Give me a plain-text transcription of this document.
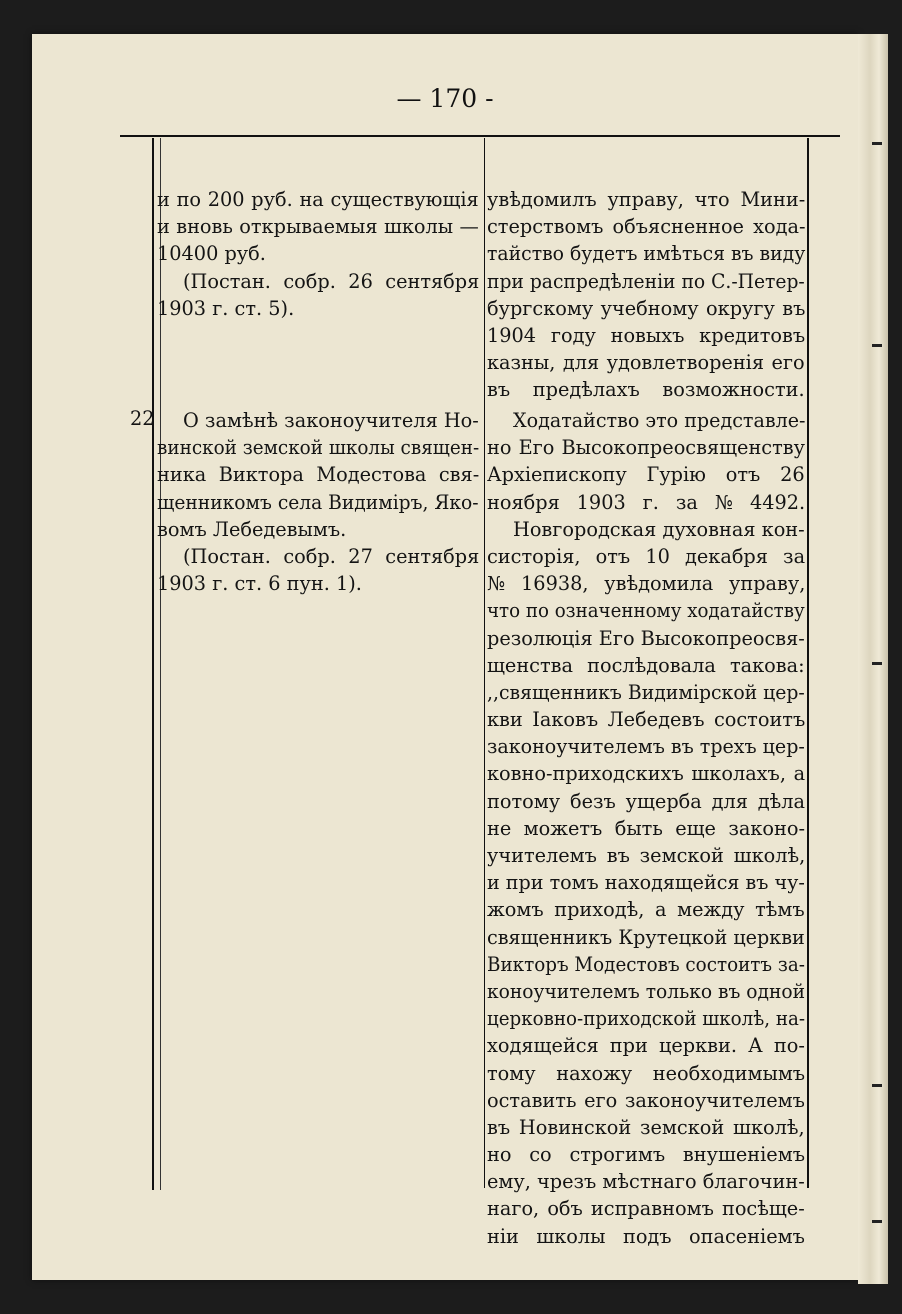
— 170 -
и по 200 руб. на существующія
и вновь открываемыя школы —
10400 руб.
(Постан. собр. 26 сентября
1903 г. ст. 5).
увѣдомилъ управу, что Мини-
стерствомъ объясненное хода-
тайство будетъ имѣться въ виду
при распредѣленіи по С.-Петер-
бургскому учебному округу въ
1904 году новыхъ кредитовъ
казны, для удовлетворенія его
въ предѣлахъ возможности.
22	О замѣнѣ законоучителя Но-
винской земской школы священ-
ника Виктора Модестова свя-
щенникомъ села Видиміръ, Яко-
вомъ Лебедевымъ.
(Постан. собр. 27 сентября
1903 г. ст. 6 пун. 1).
Ходатайство это представле-
но Его Высокопреосвященству
Архіепископу Гурію отъ 26
ноября 1903 г. за № 4492.
Новгородская духовная кон-
систорія, отъ 10 декабря за
№ 16938, увѣдомила управу,
что по означенному ходатайству
резолюція Его Высокопреосвя-
щенства послѣдовала такова:
,,священникъ Видимірской цер-
кви Іаковъ Лебедевъ состоитъ
законоучителемъ въ трехъ цер-
ковно-приходскихъ школахъ, а
потому безъ ущерба для дѣла
не можетъ быть еще законо-
учителемъ въ земской школѣ,
и при томъ находящейся въ чу-
жомъ приходѣ, а между тѣмъ
священникъ Крутецкой церкви
Викторъ Модестовъ состоитъ за-
коноучителемъ только въ одной
церковно-приходской школѣ, на-
ходящейся при церкви. А по-
тому нахожу необходимымъ
оставить его законоучителемъ
въ Новинской земской школѣ,
но со строгимъ внушеніемъ
ему, чрезъ мѣстнаго благочин-
наго, объ исправномъ посѣще-
ніи школы подъ опасеніемъ
